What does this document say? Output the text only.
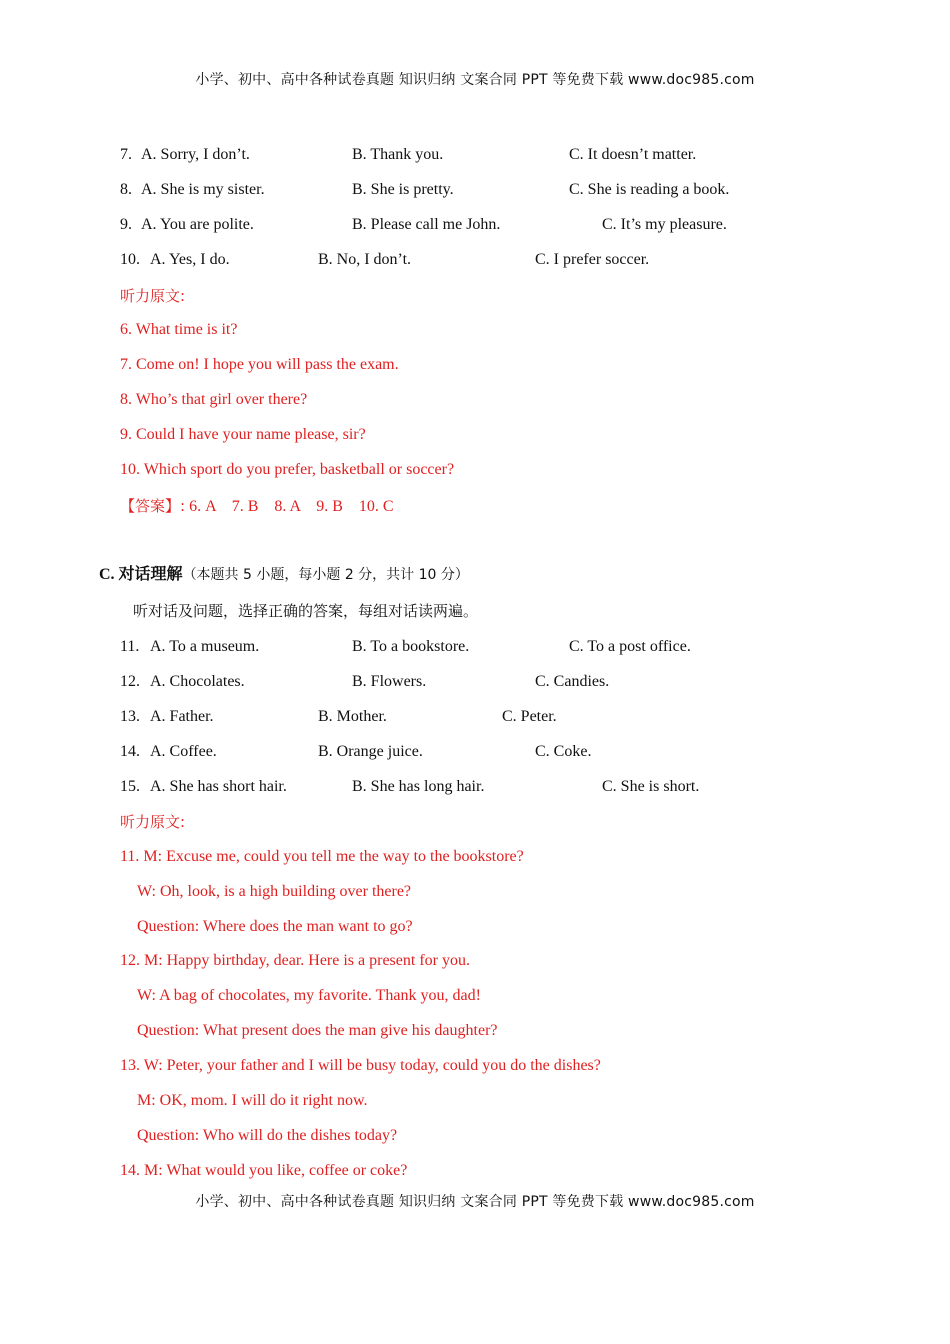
小学、初中、高中各种试卷真题 知识归纳 文案合同 PPT 等免费下载 www.doc985.com
7. A. Sorry, I don’t.	B. Thank you.	C. It doesn’t matter.
8. A. She is my sister.	B. She is pretty.	C. She is reading a book.
9. A. You are polite.	B. Please call me John.	C. It’s my pleasure.
10. A. Yes, I do.	B. No, I don’t.	C. I prefer soccer.
听力原文:
6. What time is it?
7. Come on! I hope you will pass the exam.
8. Who’s that girl over there?
9. Could I have your name please, sir?
10. Which sport do you prefer, basketball or soccer?
【答案】: 6. A    7. B    8. A    9. B    10. C
C. 对话理解（本题共 5 小题，每小题 2 分，共计 10 分）
听对话及问题，选择正确的答案，每组对话读两遍。
11. A. To a museum.	B. To a bookstore.	C. To a post office.
12. A. Chocolates.	B. Flowers.	C. Candies.
13. A. Father.	B. Mother.	C. Peter.
14. A. Coffee.	B. Orange juice.	C. Coke.
15. A. She has short hair.	B. She has long hair.	C. She is short.
听力原文:
11. M: Excuse me, could you tell me the way to the bookstore?
W: Oh, look, is a high building over there?
Question: Where does the man want to go?
12. M: Happy birthday, dear. Here is a present for you.
W: A bag of chocolates, my favorite. Thank you, dad!
Question: What present does the man give his daughter?
13. W: Peter, your father and I will be busy today, could you do the dishes?
M: OK, mom. I will do it right now.
Question: Who will do the dishes today?
14. M: What would you like, coffee or coke?
小学、初中、高中各种试卷真题 知识归纳 文案合同 PPT 等免费下载 www.doc985.com
